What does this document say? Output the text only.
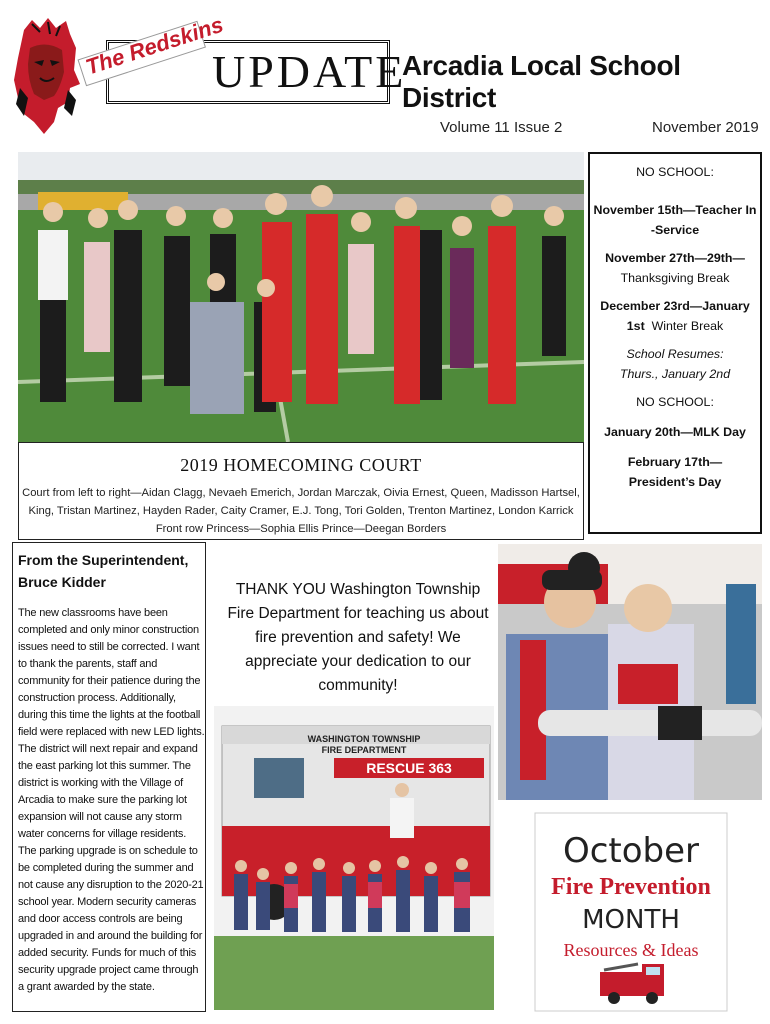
UPDATE
The Redskins	Arcadia Local School District
Volume 11 Issue 2	November 2019
2019 HOMECOMING COURT
Court from left to right—Aidan Clagg, Nevaeh Emerich, Jordan Marczak, Oivia Ernest, Queen, Madisson Hartsel,
King, Tristan Martinez, Hayden Rader, Caity Cramer, E.J. Tong, Tori Golden, Trenton Martinez, London Karrick
Front row Princess—Sophia Ellis Prince—Deegan Borders
NO SCHOOL:
November 15th—Teacher In -Service
November 27th—29th—
Thanksgiving Break
December 23rd—January
1st Winter Break
School Resumes:
Thurs., January 2nd
NO SCHOOL:
January 20th—MLK Day
February 17th—President’s Day
From the Superintendent, Bruce Kidder
The new classrooms have been completed and only minor construction issues need to still be corrected. I want to thank the parents, staff and community for their patience during the construction process. Additionally, during this time the lights at the football field were replaced with new LED lights. The district will next repair and expand the east parking lot this summer. The district is working with the Village of Arcadia to make sure the parking lot expansion will not cause any storm water concerns for village residents. The parking upgrade is on schedule to be completed during the summer and not cause any disruption to the 2020-21 school year. Modern security cameras and door access controls are being upgraded in and around the building for added security. Funds for much of this security upgrade project came through a grant awarded by the state.
THANK YOU Washington Township Fire Department for teaching us about fire prevention and safety! We appreciate your dedication to our community!
WASHINGTON TOWNSHIP
FIRE DEPARTMENT
RESCUE 363
October
Fire Prevention
MONTH
Resources & Ideas
